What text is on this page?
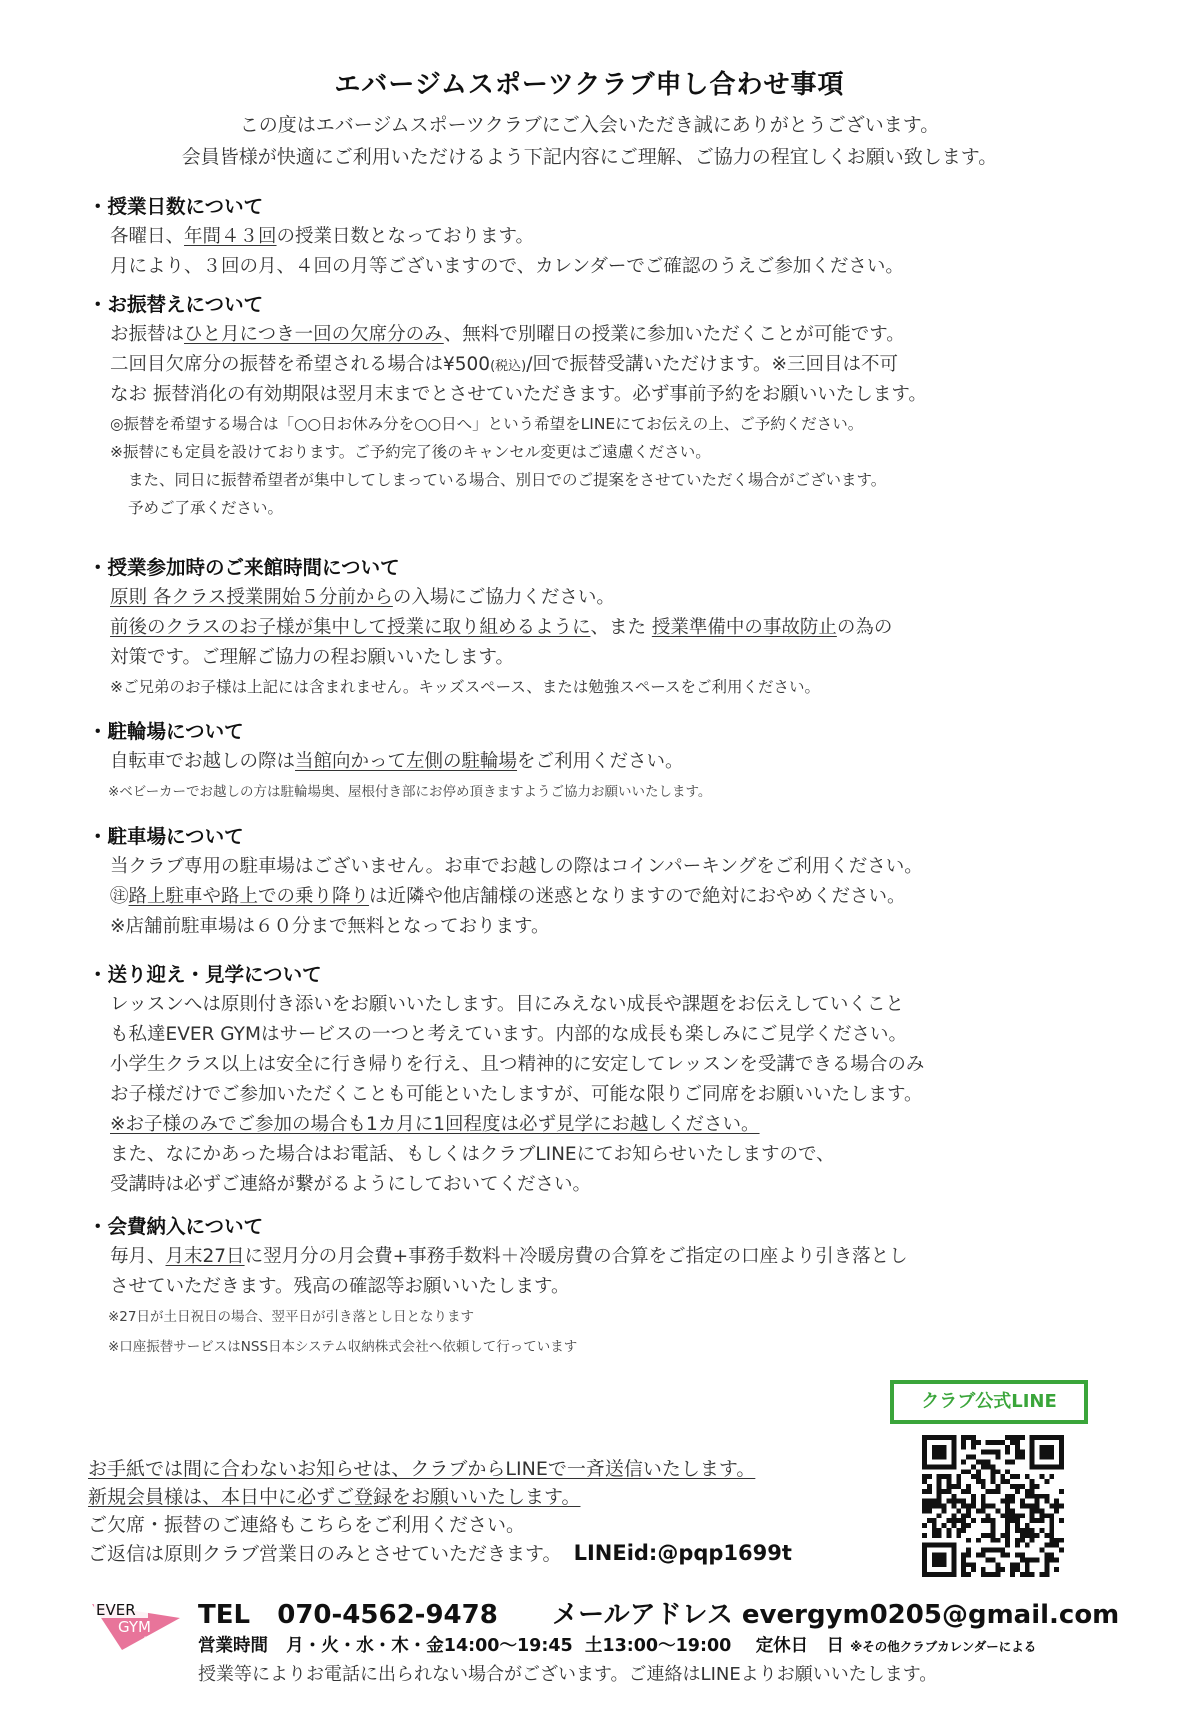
エバージムスポーツクラブ申し合わせ事項
この度はエバージムスポーツクラブにご入会いただき誠にありがとうございます。
会員皆様が快適にご利用いただけるよう下記内容にご理解、ご協力の程宜しくお願い致します。
・授業日数について
各曜日、年間４３回の授業日数となっております。
月により、３回の月、４回の月等ございますので、カレンダーでご確認のうえご参加ください。
・お振替えについて
お振替はひと月につき一回の欠席分のみ、無料で別曜日の授業に参加いただくことが可能です。
二回目欠席分の振替を希望される場合は¥500(税込)/回で振替受講いただけます。※三回目は不可
なお 振替消化の有効期限は翌月末までとさせていただきます。必ず事前予約をお願いいたします。
◎振替を希望する場合は「○○日お休み分を○○日へ」という希望をLINEにてお伝えの上、ご予約ください。
※振替にも定員を設けております。ご予約完了後のキャンセル変更はご遠慮ください。
また、同日に振替希望者が集中してしまっている場合、別日でのご提案をさせていただく場合がございます。
予めご了承ください。
・授業参加時のご来館時間について
原則 各クラス授業開始５分前からの入場にご協力ください。
前後のクラスのお子様が集中して授業に取り組めるように、また 授業準備中の事故防止の為の
対策です。ご理解ご協力の程お願いいたします。
※ご兄弟のお子様は上記には含まれません。キッズスペース、または勉強スペースをご利用ください。
・駐輪場について
自転車でお越しの際は当館向かって左側の駐輪場をご利用ください。
※ベビーカーでお越しの方は駐輪場奥、屋根付き部にお停め頂きますようご協力お願いいたします。
・駐車場について
当クラブ専用の駐車場はございません。お車でお越しの際はコインパーキングをご利用ください。
㊟路上駐車や路上での乗り降りは近隣や他店舗様の迷惑となりますので絶対におやめください。
※店舗前駐車場は６０分まで無料となっております。
・送り迎え・見学について
レッスンへは原則付き添いをお願いいたします。目にみえない成長や課題をお伝えしていくこと
も私達EVER GYMはサービスの一つと考えています。内部的な成長も楽しみにご見学ください。
小学生クラス以上は安全に行き帰りを行え、且つ精神的に安定してレッスンを受講できる場合のみ
お子様だけでご参加いただくことも可能といたしますが、可能な限りご同席をお願いいたします。
※お子様のみでご参加の場合も1カ月に1回程度は必ず見学にお越しください。
また、なにかあった場合はお電話、もしくはクラブLINEにてお知らせいたしますので、
受講時は必ずご連絡が繋がるようにしておいてください。
・会費納入について
毎月、月末27日に翌月分の月会費+事務手数料＋冷暖房費の合算をご指定の口座より引き落とし
させていただきます。残高の確認等お願いいたします。
※27日が土日祝日の場合、翌平日が引き落とし日となります
※口座振替サービスはNSS日本システム収納株式会社へ依頼して行っています
クラブ公式LINE
お手紙では間に合わないお知らせは、クラブからLINEで一斉送信いたします。
新規会員様は、本日中に必ずご登録をお願いいたします。
ご欠席・振替のご連絡もこちらをご利用ください。
ご返信は原則クラブ営業日のみとさせていただきます。 LINEid:@pqp1699t
EVER
GYM
SPORTS CLUB
TEL 070-4562-9478 メールアドレス evergym0205@gmail.com
営業時間 月・火・水・木・金14:00～19:45 土13:00～19:00 定休日 日 ※その他クラブカレンダーによる
授業等によりお電話に出られない場合がございます。ご連絡はLINEよりお願いいたします。
